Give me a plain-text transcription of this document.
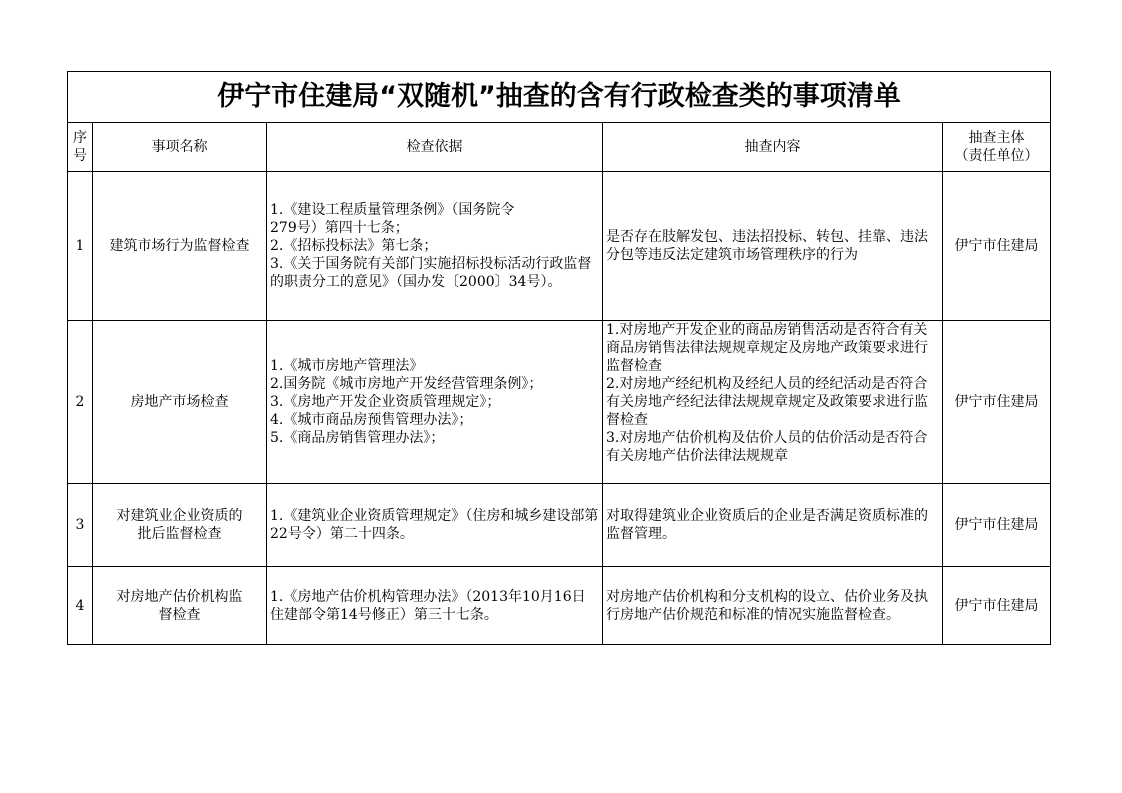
伊宁市住建局“双随机”抽查的含有行政检查类的事项清单				
序
号	事项名称	检查依据	抽查内容	抽查主体
（责任单位）
1	建筑市场行为监督检查	1.《建设工程质量管理条例》（国务院令
279号）第四十七条；
2.《招标投标法》第七条；
3.《关于国务院有关部门实施招标投标活动行政监督的职责分工的意见》（国办发〔2000〕34号）。	是否存在肢解发包、违法招投标、转包、挂靠、违法分包等违反法定建筑市场管理秩序的行为	伊宁市住建局
2	房地产市场检查	1.《城市房地产管理法》
2.国务院《城市房地产开发经营管理条例》；
3.《房地产开发企业资质管理规定》；
4.《城市商品房预售管理办法》；
5.《商品房销售管理办法》；	1.对房地产开发企业的商品房销售活动是否符合有关商品房销售法律法规规章规定及房地产政策要求进行监督检查
2.对房地产经纪机构及经纪人员的经纪活动是否符合有关房地产经纪法律法规规章规定及政策要求进行监督检查
3.对房地产估价机构及估价人员的估价活动是否符合有关房地产估价法律法规规章	伊宁市住建局
3	对建筑业企业资质的批后监督检查	1.《建筑业企业资质管理规定》（住房和城乡建设部第22号令）第二十四条。	对取得建筑业企业资质后的企业是否满足资质标准的监督管理。	伊宁市住建局
4	对房地产估价机构监督检查	1.《房地产估价机构管理办法》（2013年10月16日住建部令第14号修正）第三十七条。	对房地产估价机构和分支机构的设立、估价业务及执行房地产估价规范和标准的情况实施监督检查。	伊宁市住建局
